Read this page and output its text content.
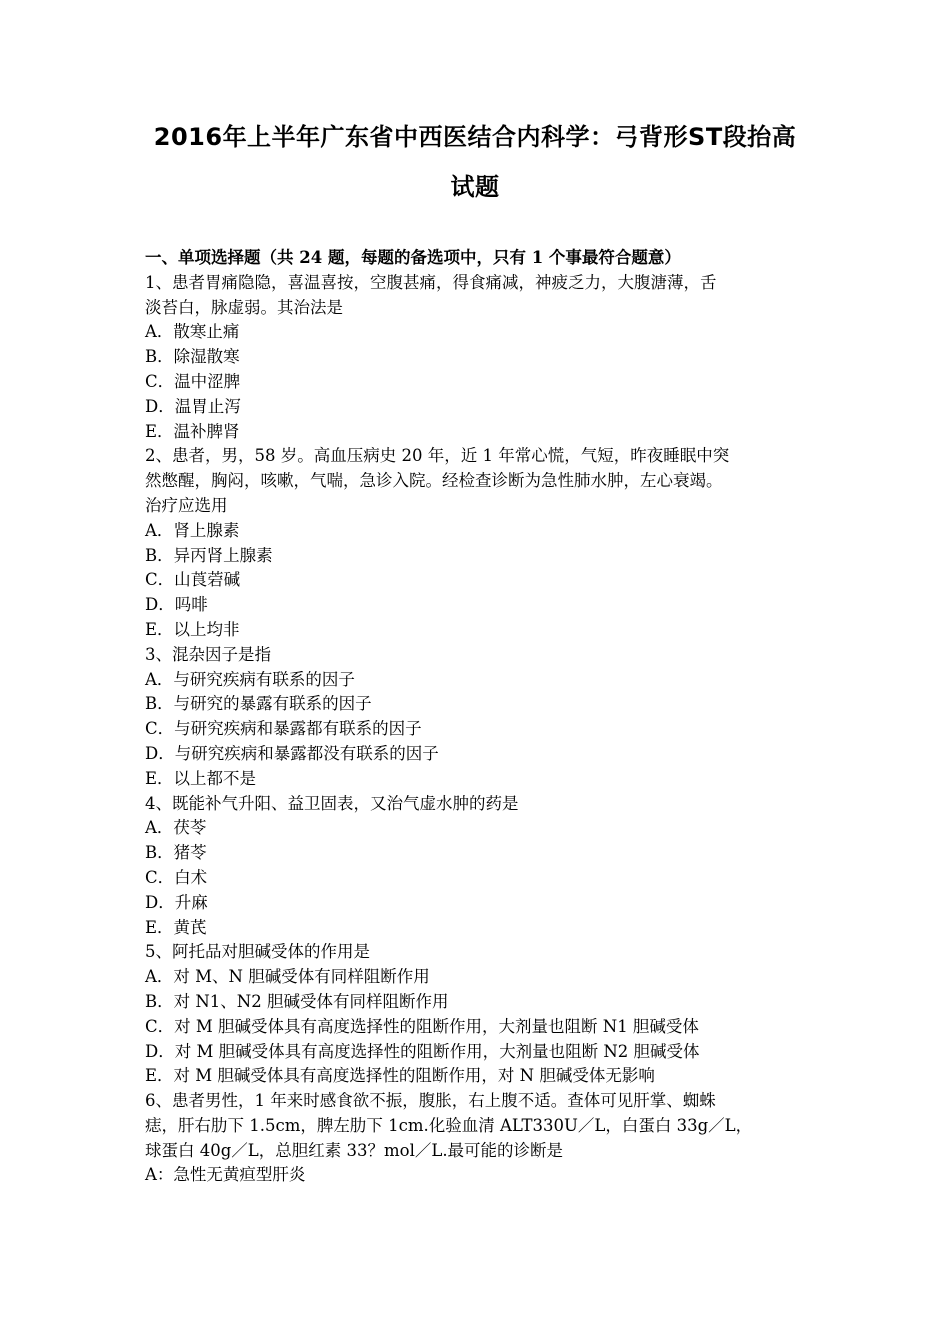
2016年上半年广东省中西医结合内科学：弓背形ST段抬高
试题
一、单项选择题（共 24 题，每题的备选项中，只有 1 个事最符合题意）
1、患者胃痛隐隐，喜温喜按，空腹甚痛，得食痛减，神疲乏力，大腹溏薄，舌
淡苔白，脉虚弱。其治法是
A．散寒止痛
B．除湿散寒
C．温中涩脾
D．温胃止泻
E．温补脾肾
2、患者，男，58 岁。高血压病史 20 年，近 1 年常心慌，气短，昨夜睡眠中突
然憋醒，胸闷，咳嗽，气喘，急诊入院。经检查诊断为急性肺水肿，左心衰竭。
治疗应选用
A．肾上腺素
B．异丙肾上腺素
C．山莨菪碱
D．吗啡
E．以上均非
3、混杂因子是指
A．与研究疾病有联系的因子
B．与研究的暴露有联系的因子
C．与研究疾病和暴露都有联系的因子
D．与研究疾病和暴露都没有联系的因子
E．以上都不是
4、既能补气升阳、益卫固表，又治气虚水肿的药是
A．茯苓
B．猪苓
C．白术
D．升麻
E．黄芪
5、阿托品对胆碱受体的作用是
A．对 M、N 胆碱受体有同样阻断作用
B．对 N1、N2 胆碱受体有同样阻断作用
C．对 M 胆碱受体具有高度选择性的阻断作用，大剂量也阻断 N1 胆碱受体
D．对 M 胆碱受体具有高度选择性的阻断作用，大剂量也阻断 N2 胆碱受体
E．对 M 胆碱受体具有高度选择性的阻断作用，对 N 胆碱受体无影响
6、患者男性，1 年来时感食欲不振，腹胀，右上腹不适。查体可见肝掌、蜘蛛
痣，肝右肋下 1.5cm，脾左肋下 1cm.化验血清 ALT330U／L，白蛋白 33g／L，
球蛋白 40g／L，总胆红素 33？mol／L.最可能的诊断是
A：急性无黄疸型肝炎
